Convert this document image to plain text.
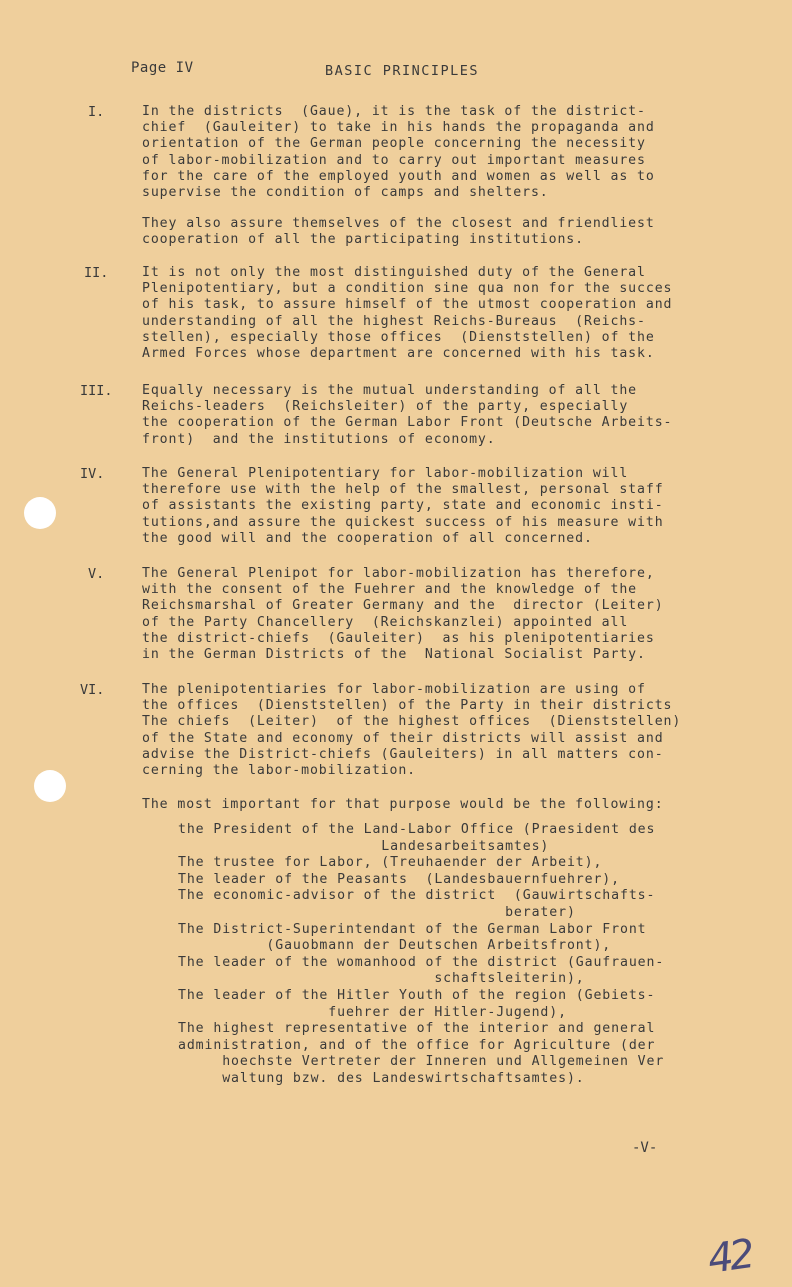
Page IV	BASIC PRINCIPLES
I.	In the districts  (Gaue), it is the task of the district-
chief  (Gauleiter) to take in his hands the propaganda and
orientation of the German people concerning the necessity
of labor-mobilization and to carry out important measures
for the care of the employed youth and women as well as to
supervise the condition of camps and shelters.
They also assure themselves of the closest and friendliest
cooperation of all the participating institutions.
II.	It is not only the most distinguished duty of the General
Plenipotentiary, but a condition sine qua non for the succes
of his task, to assure himself of the utmost cooperation and
understanding of all the highest Reichs-Bureaus  (Reichs-
stellen), especially those offices  (Dienststellen) of the
Armed Forces whose department are concerned with his task.
III. Equally necessary is the mutual understanding of all the
Reichs-leaders  (Reichsleiter) of the party, especially
the cooperation of the German Labor Front (Deutsche Arbeits-
front)  and the institutions of economy.
IV.	The General Plenipotentiary for labor-mobilization will
therefore use with the help of the smallest, personal staff
of assistants the existing party, state and economic insti-
tutions,and assure the quickest success of his measure with
the good will and the cooperation of all concerned.
V.	The General Plenipot for labor-mobilization has therefore,
with the consent of the Fuehrer and the knowledge of the
Reichsmarshal of Greater Germany and the  director (Leiter)
of the Party Chancellery  (Reichskanzlei) appointed all
the district-chiefs  (Gauleiter)  as his plenipotentiaries
in the German Districts of the  National Socialist Party.
VI.	The plenipotentiaries for labor-mobilization are using of
the offices  (Dienststellen) of the Party in their districts
The chiefs  (Leiter)  of the highest offices  (Dienststellen)
of the State and economy of their districts will assist and
advise the District-chiefs (Gauleiters) in all matters con-
cerning the labor-mobilization.
The most important for that purpose would be the following:
the President of the Land-Labor Office (Praesident des
Landesarbeitsamtes)
The trustee for Labor, (Treuhaender der Arbeit),
The leader of the Peasants  (Landesbauernfuehrer),
The economic-advisor of the district  (Gauwirtschafts-
berater)
The District-Superintendant of the German Labor Front
(Gauobmann der Deutschen Arbeitsfront),
The leader of the womanhood of the district (Gaufrauen-
schaftsleiterin),
The leader of the Hitler Youth of the region (Gebiets-
fuehrer der Hitler-Jugend),
The highest representative of the interior and general
administration, and of the office for Agriculture (der
hoechste Vertreter der Inneren und Allgemeinen Ver
waltung bzw. des Landeswirtschaftsamtes).
-V-
42
